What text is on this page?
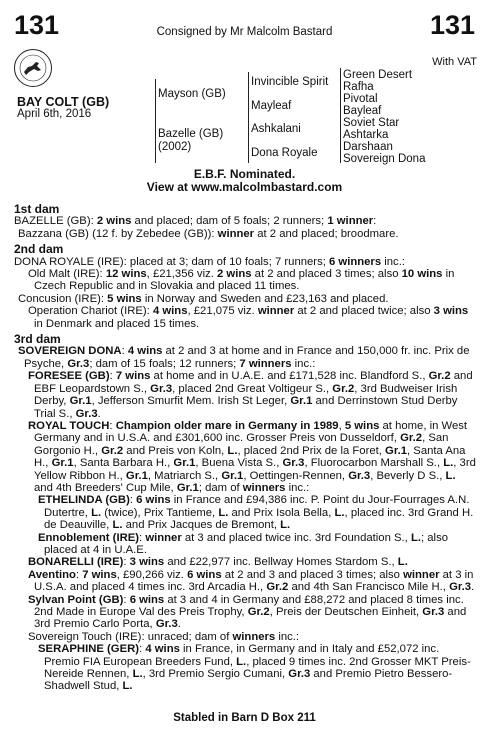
131	Consigned by Mr Malcolm Bastard	131
With VAT
BAY COLT (GB)
April 6th, 2016
Mayson (GB)
Bazelle (GB)
(2002)
Invincible Spirit
Mayleaf
Ashkalani
Dona Royale
Green Desert
Rafha
Pivotal
Bayleaf
Soviet Star
Ashtarka
Darshaan
Sovereign Dona
E.B.F. Nominated.
View at www.malcolmbastard.com

1st dam

BAZELLE (GB): 2 wins and placed; dam of 5 foals; 2 runners; 1 winner:

Bazzana (GB) (12 f. by Zebedee (GB)): winner at 2 and placed; broodmare.

2nd dam

DONA ROYALE (IRE): placed at 3; dam of 10 foals; 7 runners; 6 winners inc.:

Old Malt (IRE): 12 wins, £21,356 viz. 2 wins at 2 and placed 3 times; also 10 wins in Czech Republic and in Slovakia and placed 11 times.

Concusion (IRE): 5 wins in Norway and Sweden and £23,163 and placed.

Operation Chariot (IRE): 4 wins, £21,075 viz. winner at 2 and placed twice; also 3 wins in Denmark and placed 15 times.

3rd dam

SOVEREIGN DONA: 4 wins at 2 and 3 at home and in France and 150,000 fr. inc. Prix de Psyche, Gr.3; dam of 15 foals; 12 runners; 7 winners inc.:

FORESEE (GB): 7 wins at home and in U.A.E. and £171,528 inc. Blandford S., Gr.2 and EBF Leopardstown S., Gr.3, placed 2nd Great Voltigeur S., Gr.2, 3rd Budweiser Irish Derby, Gr.1, Jefferson Smurfit Mem. Irish St Leger, Gr.1 and Derrinstown Stud Derby Trial S., Gr.3.

ROYAL TOUCH: Champion older mare in Germany in 1989, 5 wins at home, in West Germany and in U.S.A. and £301,600 inc. Grosser Preis von Dusseldorf, Gr.2, San Gorgonio H., Gr.2 and Preis von Koln, L., placed 2nd Prix de la Foret, Gr.1, Santa Ana H., Gr.1, Santa Barbara H., Gr.1, Buena Vista S., Gr.3, Fluorocarbon Marshall S., L., 3rd Yellow Ribbon H., Gr.1, Matriarch S., Gr.1, Oettingen-Rennen, Gr.3, Beverly D S., L. and 4th Breeders' Cup Mile, Gr.1; dam of winners inc.:

ETHELINDA (GB): 6 wins in France and £94,386 inc. P. Point du Jour-Fourrages A.N. Dutertre, L. (twice), Prix Tantieme, L. and Prix Isola Bella, L., placed inc. 3rd Grand H. de Deauville, L. and Prix Jacques de Bremont, L.

Ennoblement (IRE): winner at 3 and placed twice inc. 3rd Foundation S., L.; also placed at 4 in U.A.E.

BONARELLI (IRE): 3 wins and £22,977 inc. Bellway Homes Stardom S., L.

Aventino: 7 wins, £90,266 viz. 6 wins at 2 and 3 and placed 3 times; also winner at 3 in U.S.A. and placed 4 times inc. 3rd Arcadia H., Gr.2 and 4th San Francisco Mile H., Gr.3.

Sylvan Point (GB): 6 wins at 3 and 4 in Germany and £88,272 and placed 8 times inc. 2nd Made in Europe Val des Preis Trophy, Gr.2, Preis der Deutschen Einheit, Gr.3 and 3rd Premio Carlo Porta, Gr.3.

Sovereign Touch (IRE): unraced; dam of winners inc.:

SERAPHINE (GER): 4 wins in France, in Germany and in Italy and £52,072 inc. Premio FIA European Breeders Fund, L., placed 9 times inc. 2nd Grosser MKT Preis-Nereide Rennen, L., 3rd Premio Sergio Cumani, Gr.3 and Premio Pietro Bessero-Shadwell Stud, L.

Stabled in Barn D Box 211
